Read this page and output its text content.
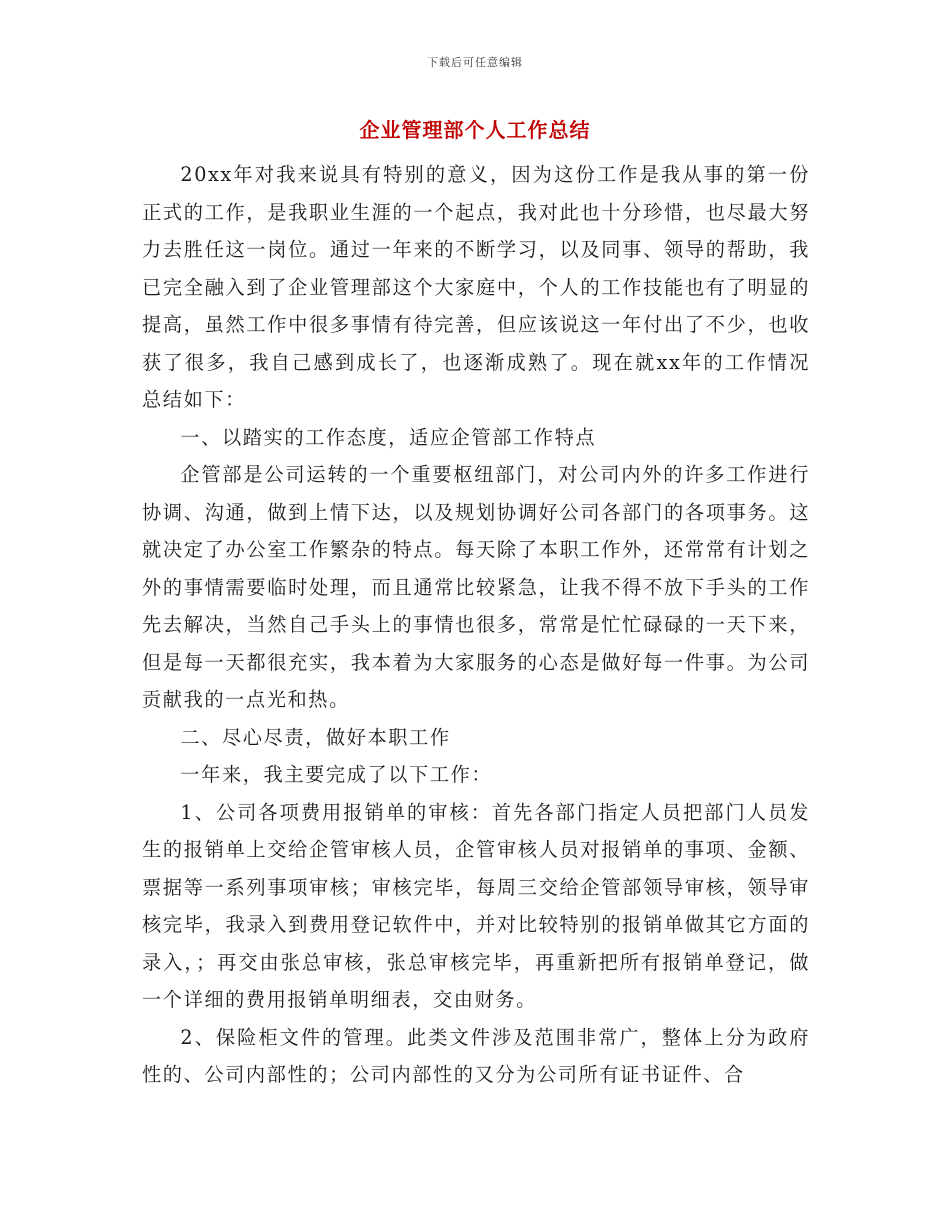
下载后可任意编辑
企业管理部个人工作总结

20xx年对我来说具有特别的意义，因为这份工作是我从事的第一份正式的工作，是我职业生涯的一个起点，我对此也十分珍惜，也尽最大努力去胜任这一岗位。通过一年来的不断学习，以及同事、领导的帮助，我已完全融入到了企业管理部这个大家庭中，个人的工作技能也有了明显的提高，虽然工作中很多事情有待完善，但应该说这一年付出了不少，也收获了很多，我自己感到成长了，也逐渐成熟了。现在就xx年的工作情况总结如下：

一、以踏实的工作态度，适应企管部工作特点

企管部是公司运转的一个重要枢纽部门，对公司内外的许多工作进行协调、沟通，做到上情下达，以及规划协调好公司各部门的各项事务。这就决定了办公室工作繁杂的特点。每天除了本职工作外，还常常有计划之外的事情需要临时处理，而且通常比较紧急，让我不得不放下手头的工作先去解决，当然自己手头上的事情也很多，常常是忙忙碌碌的一天下来，但是每一天都很充实，我本着为大家服务的心态是做好每一件事。为公司贡献我的一点光和热。

二、尽心尽责，做好本职工作

一年来，我主要完成了以下工作：

1、公司各项费用报销单的审核：首先各部门指定人员把部门人员发生的报销单上交给企管审核人员，企管审核人员对报销单的事项、金额、票据等一系列事项审核；审核完毕，每周三交给企管部领导审核，领导审核完毕，我录入到费用登记软件中，并对比较特别的报销单做其它方面的录入，；再交由张总审核，张总审核完毕，再重新把所有报销单登记，做一个详细的费用报销单明细表，交由财务。

2、保险柜文件的管理。此类文件涉及范围非常广，整体上分为政府性的、公司内部性的；公司内部性的又分为公司所有证书证件、合
